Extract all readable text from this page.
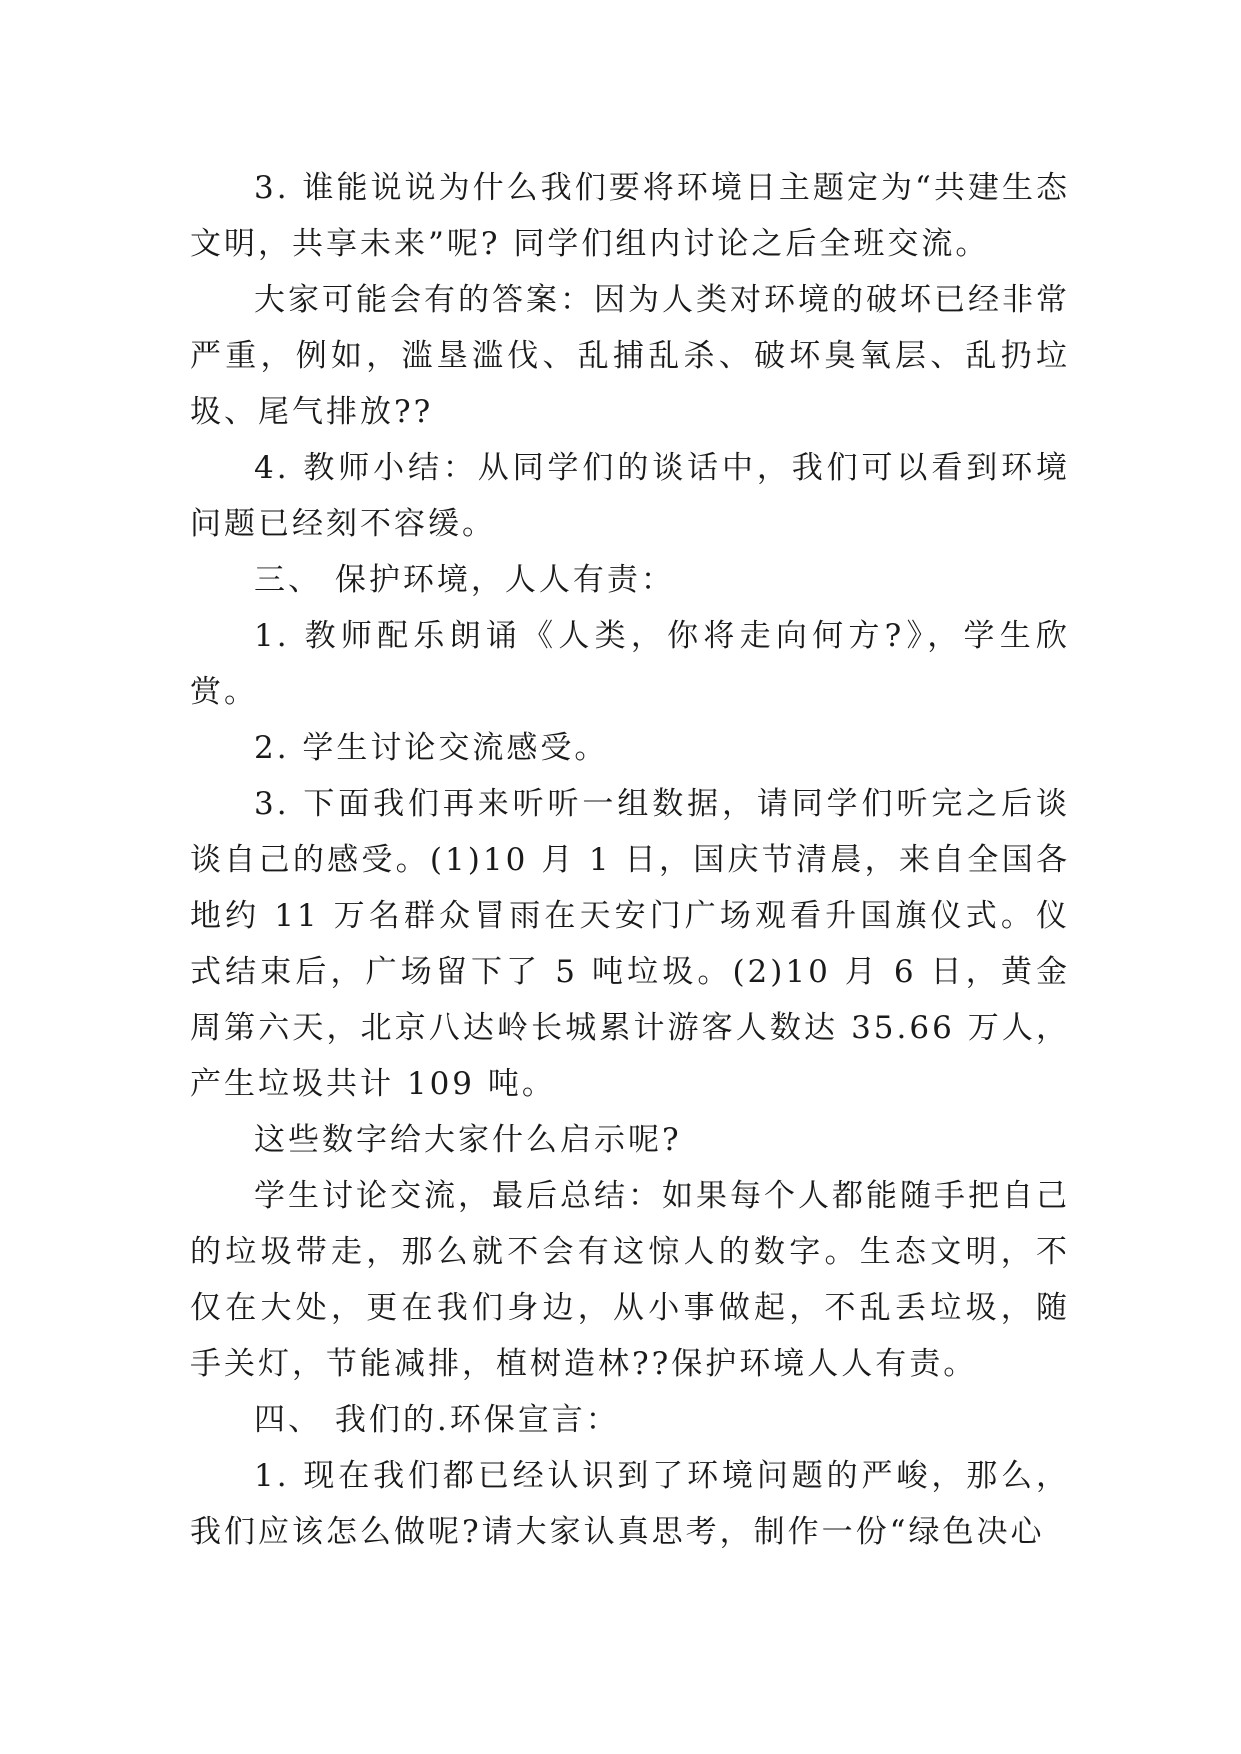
3. 谁能说说为什么我们要将环境日主题定为“共建生态文明，共享未来”呢? 同学们组内讨论之后全班交流。

大家可能会有的答案：因为人类对环境的破坏已经非常严重，例如，滥垦滥伐、乱捕乱杀、破坏臭氧层、乱扔垃圾、尾气排放??

4. 教师小结：从同学们的谈话中，我们可以看到环境问题已经刻不容缓。

三、 保护环境，人人有责：

1. 教师配乐朗诵《人类，你将走向何方?》，学生欣赏。

2. 学生讨论交流感受。

3. 下面我们再来听听一组数据，请同学们听完之后谈谈自己的感受。(1)10 月 1 日，国庆节清晨，来自全国各地约 11 万名群众冒雨在天安门广场观看升国旗仪式。仪式结束后，广场留下了 5 吨垃圾。(2)10 月 6 日，黄金周第六天，北京八达岭长城累计游客人数达 35.66 万人，产生垃圾共计 109 吨。

这些数字给大家什么启示呢?

学生讨论交流，最后总结：如果每个人都能随手把自己的垃圾带走，那么就不会有这惊人的数字。生态文明，不仅在大处，更在我们身边，从小事做起，不乱丢垃圾，随手关灯，节能减排，植树造林??保护环境人人有责。

四、 我们的.环保宣言：

1. 现在我们都已经认识到了环境问题的严峻，那么，我们应该怎么做呢?请大家认真思考，制作一份“绿色决心
